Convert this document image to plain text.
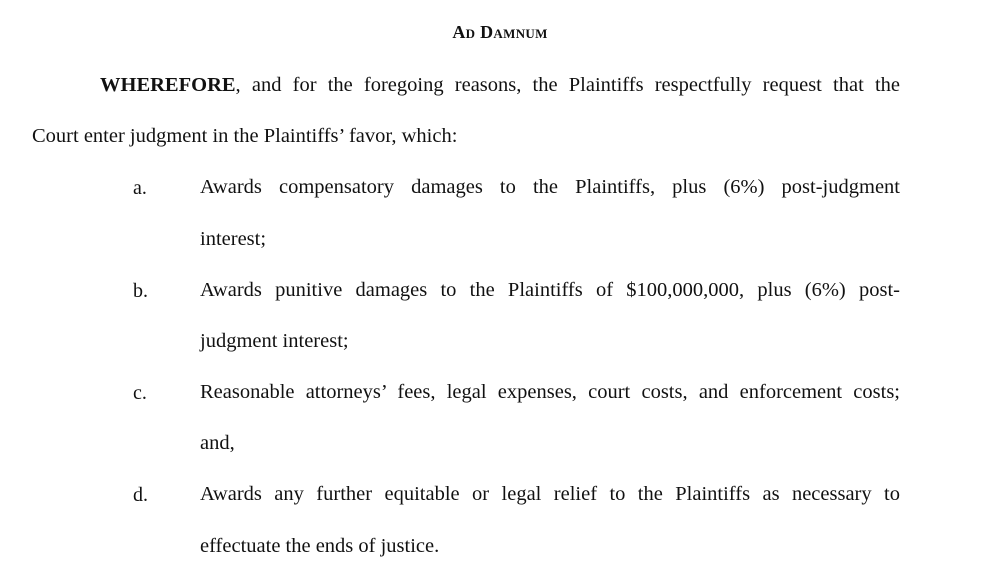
Ad Damnum
WHEREFORE, and for the foregoing reasons, the Plaintiffs respectfully request that the
Court enter judgment in the Plaintiffs’ favor, which:
a.	Awards compensatory damages to the Plaintiffs, plus (6%) post-judgment
interest;
b.	Awards punitive damages to the Plaintiffs of $100,000,000, plus (6%) post-
judgment interest;
c.	Reasonable attorneys’ fees, legal expenses, court costs, and enforcement costs;
and,
d.	Awards any further equitable or legal relief to the Plaintiffs as necessary to
effectuate the ends of justice.
